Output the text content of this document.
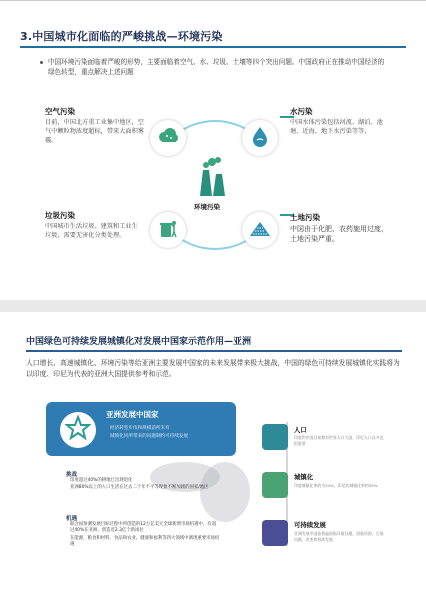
3.中国城市化面临的严峻挑战—环境污染
中国环境污染面临着严峻的形势，主要面临着空气、水、垃圾、土壤等四个突出问题。中国政府正在推动中国经济的绿色转型，重点解决上述问题
空气污染
目前，中国北方重工业集中地区，空气中颗粒物浓度超标，带来大面积雾霾。
水污染
中国水体污染包括河流、湖泊、池塘、近海、地下水污染等等，
环境污染
垃圾污染
中国城市生活垃圾、建筑和工业生垃圾，需要无害化分类处理。
土地污染
中国由于化肥、农药施用过度，土地污染严重。
中国绿色可持续发展城镇化对发展中国家示范作用—亚洲
人口增长、高速城镇化、环境污染等给亚洲主要发展中国家的未来发展带来极大挑战，中国的绿色可持续发展城镇化实践将为以印度、印尼为代表的亚洲大国提供参考和示范。
亚洲发展中国家
经济转型步伐和规模前所未有
城镇化同所带来的问题制约可持续发展
挑战
印度超过40%的耕地已出现退化
亚洲80%以上的人口生活在过去二十年不平等现象不断加剧的国家/地区
机遇
联合国预测发展目标过程中所创造的12万亿美元全球新增市场机遇中，有超过40%在亚洲，创造近2.3亿个新岗位
在能源、粮食和材料、食品和农业、健康和福利等四大领域中调现重要市场机遇
人口
印度和中国目前拥有世界人口大国，印尼人口众多也很重要
城镇化
印度城镇化率约为34%，印尼约城镇化率约55%
可持续发展
亚洲发展中国家普遍面临环境问题，面临资源、污染问题，改变和持续发展
